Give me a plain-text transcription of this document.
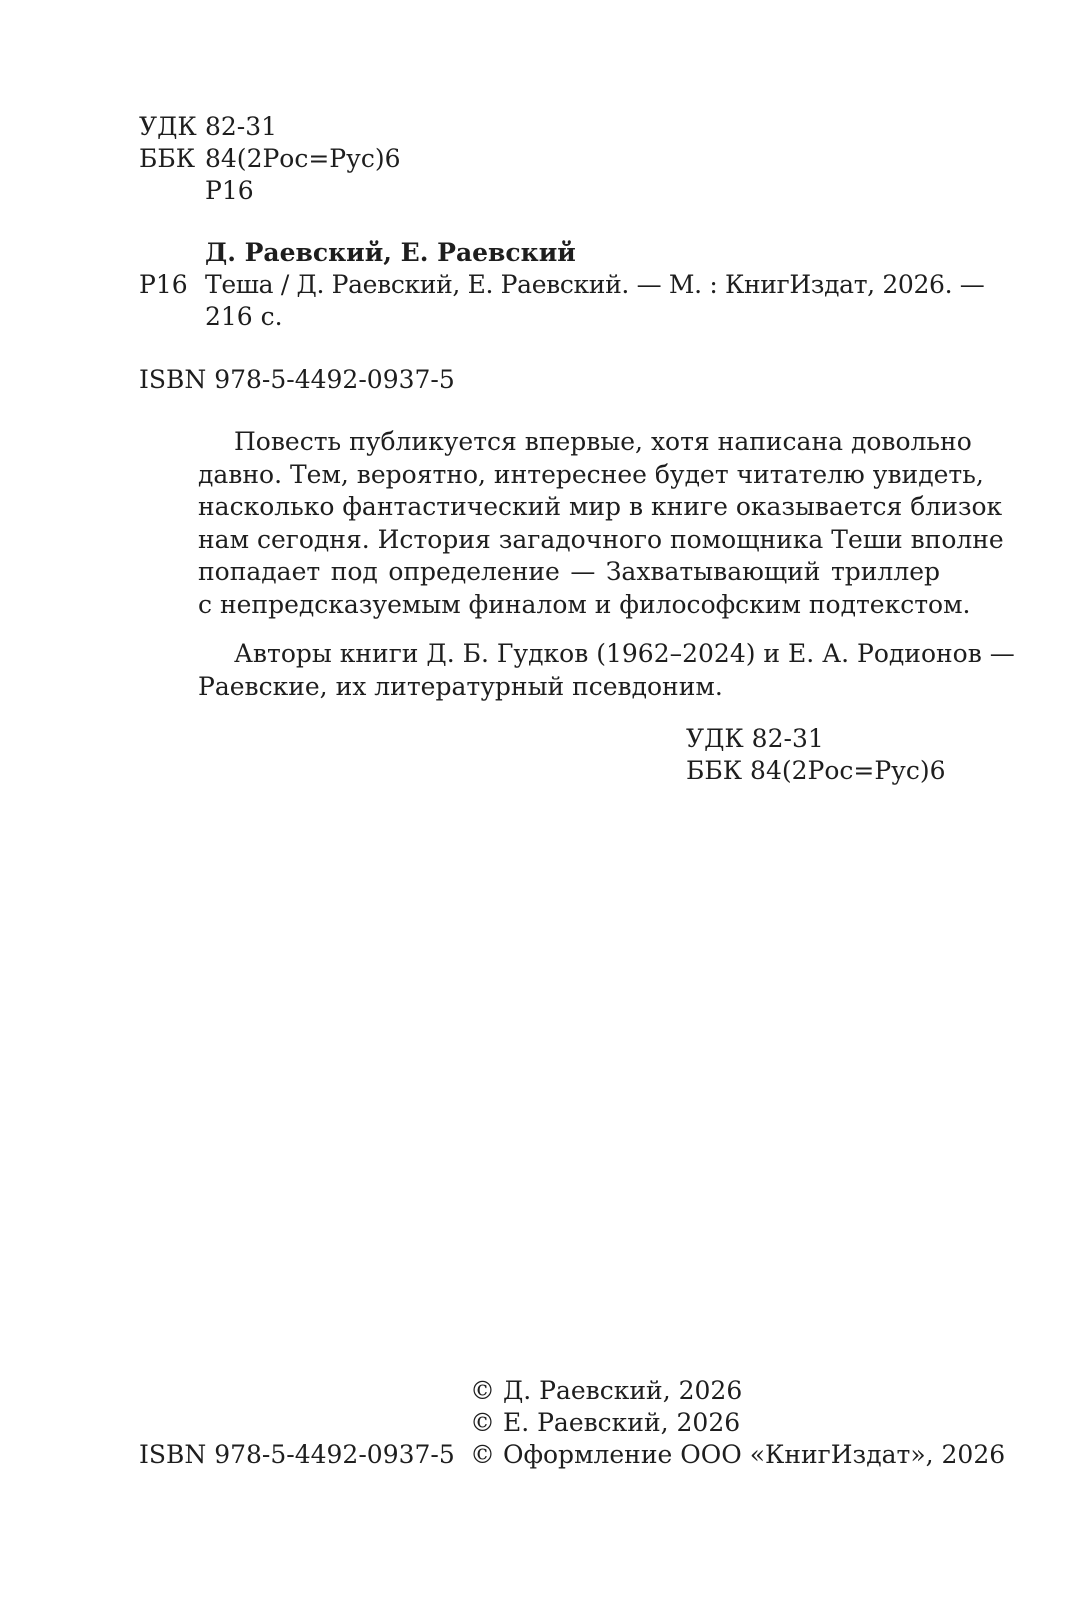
УДК 82-31
ББК 84(2Рос=Рус)6
Р16
Д. Раевский, Е. Раевский
Р16 Теша / Д. Раевский, Е. Раевский. — М. : КнигИздат, 2026. —
216 с.
ISBN 978-5-4492-0937-5
Повесть публикуется впервые, хотя написана довольно
давно. Тем, вероятно, интереснее будет читателю увидеть,
насколько фантастический мир в книге оказывается близок
нам сегодня. История загадочного помощника Теши вполне
попадает под определение — Захватывающий триллер
с непредсказуемым финалом и философским подтекстом.
Авторы книги Д. Б. Гудков (1962–2024) и Е. А. Родионов —
Раевские, их литературный псевдоним.
УДК 82-31
ББК 84(2Рос=Рус)6
© Д. Раевский, 2026
© Е. Раевский, 2026
ISBN 978-5-4492-0937-5 © Оформление ООО «КнигИздат», 2026
